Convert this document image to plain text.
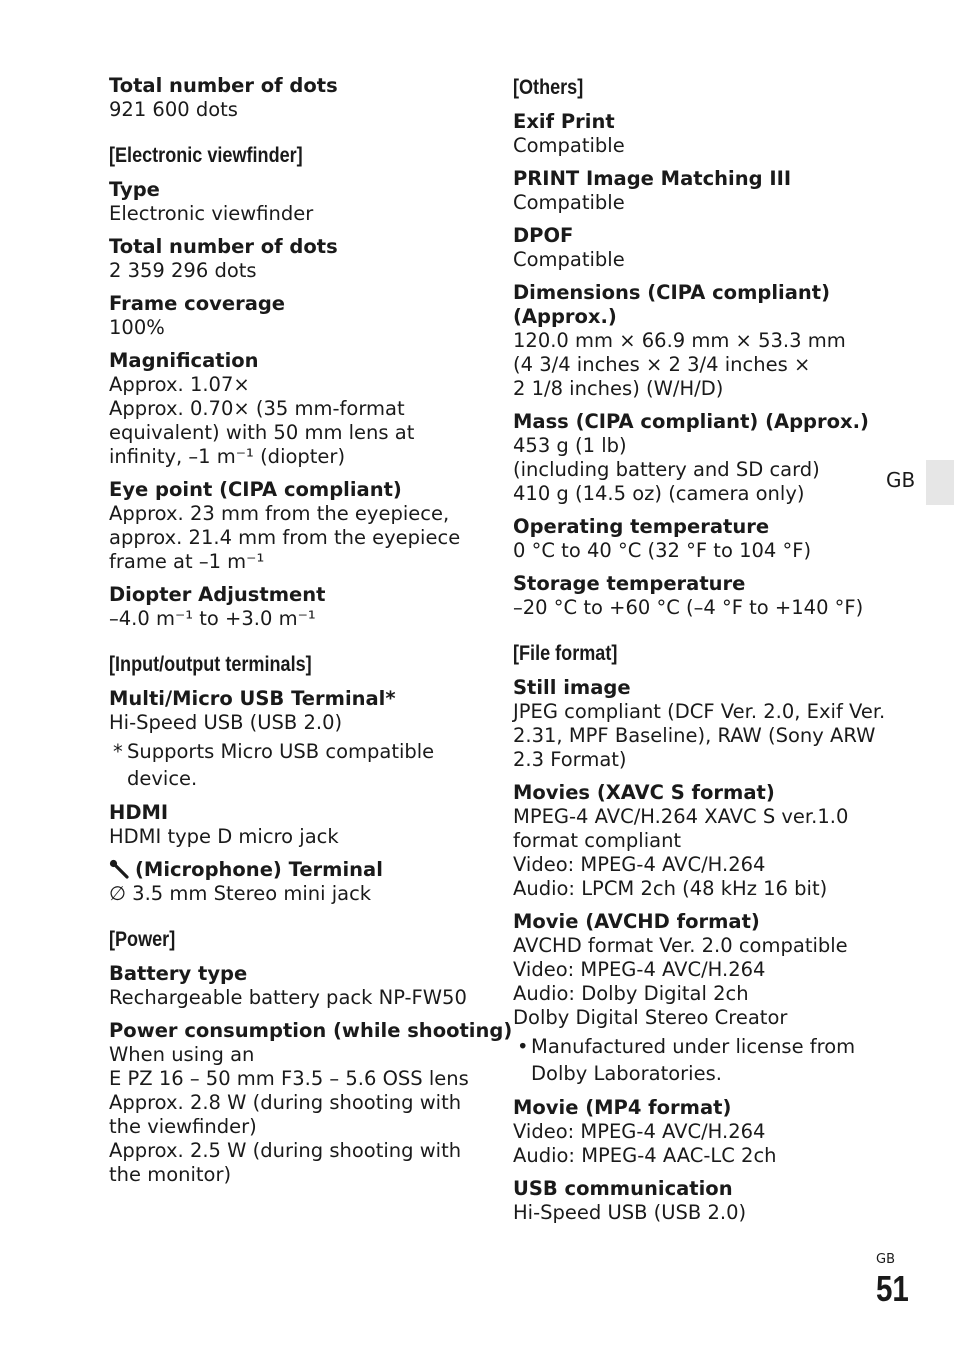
Total number of dots
921 600 dots
[Electronic viewfinder]
Type
Electronic viewfinder
Total number of dots
2 359 296 dots
Frame coverage
100%
Magnification
Approx. 1.07×
Approx. 0.70× (35 mm-format
equivalent) with 50 mm lens at
infinity, –1 m⁻¹ (diopter)
Eye point (CIPA compliant)
Approx. 23 mm from the eyepiece,
approx. 21.4 mm from the eyepiece
frame at –1 m⁻¹
Diopter Adjustment
–4.0 m⁻¹ to +3.0 m⁻¹
[Input/output terminals]
Multi/Micro USB Terminal*
Hi-Speed USB (USB 2.0)
* Supports Micro USB compatible device.
HDMI
HDMI type D micro jack
(Microphone) Terminal
∅ 3.5 mm Stereo mini jack
[Power]
Battery type
Rechargeable battery pack NP-FW50
Power consumption (while shooting)
When using an
E PZ 16 – 50 mm F3.5 – 5.6 OSS lens
Approx. 2.8 W (during shooting with
the viewfinder)
Approx. 2.5 W (during shooting with
the monitor)
[Others]
Exif Print
Compatible
PRINT Image Matching III
Compatible
DPOF
Compatible
Dimensions (CIPA compliant)
(Approx.)
120.0 mm × 66.9 mm × 53.3 mm
(4 3/4 inches × 2 3/4 inches ×
2 1/8 inches) (W/H/D)
Mass (CIPA compliant) (Approx.)
453 g (1 lb)
(including battery and SD card)
410 g (14.5 oz) (camera only)
Operating temperature
0 °C to 40 °C (32 °F to 104 °F)
Storage temperature
–20 °C to +60 °C (–4 °F to +140 °F)
[File format]
Still image
JPEG compliant (DCF Ver. 2.0, Exif Ver.
2.31, MPF Baseline), RAW (Sony ARW
2.3 Format)
Movies (XAVC S format)
MPEG-4 AVC/H.264 XAVC S ver.1.0
format compliant
Video: MPEG-4 AVC/H.264
Audio: LPCM 2ch (48 kHz 16 bit)
Movie (AVCHD format)
AVCHD format Ver. 2.0 compatible
Video: MPEG-4 AVC/H.264
Audio: Dolby Digital 2ch
Dolby Digital Stereo Creator
• Manufactured under license from Dolby Laboratories.
Movie (MP4 format)
Video: MPEG-4 AVC/H.264
Audio: MPEG-4 AAC-LC 2ch
USB communication
Hi-Speed USB (USB 2.0)
GB
GB
51
